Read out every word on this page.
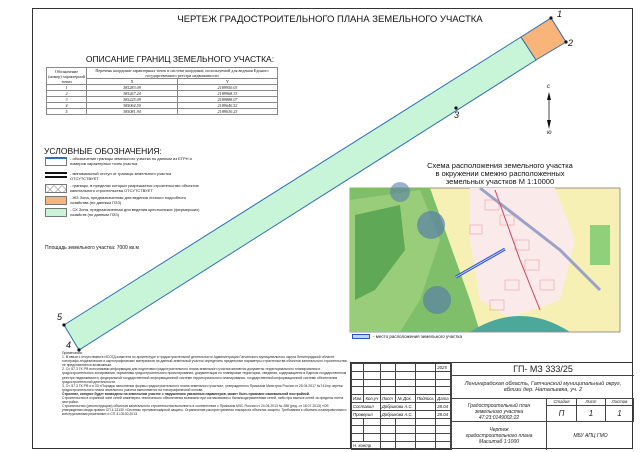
ЧЕРТЕЖ ГРАДОСТРОИТЕЛЬНОГО ПЛАНА ЗЕМЕЛЬНОГО УЧАСТКА
ОПИСАНИЕ ГРАНИЦ ЗЕМЕЛЬНОГО УЧАСТКА:
Обозначение (номер) характерной точки	Перечень координат характерных точек в системе координат, используемой для ведения Единого государственного реестра недвижимости	
	X	Y
1	385283.09	2189950.03
2	385267.24	2189968.33
3	385225.09	2189888.07
4	385064.50	2189640.52
5	385081.94	2189630.23
1
2
3
4
5
с
ю
УСЛОВНЫЕ ОБОЗНАЧЕНИЯ:
- обозначение границы земельного участка по данным из ЕГРН и номеров характерных точек участка
- минимальный отступ от границы земельного участка ОТСУТСТВУЕТ
- границы, в пределах которых разрешается строительство объектов капитального строительства ОТСУТСТВУЕТ
- ЖЗ Зона, предназначенная для ведения личного подсобного хозяйства (по данным ПЗЗ)
- СХ Зона, предназначенная для ведения крестьянских (фермерских) хозяйств (по данным ПЗЗ)
Площадь земельного участка: 7000 кв.м
Схема расположения земельного участка
в окружении смежно расположенных
земельных участков М 1:10000
- место расположения земельного участка
Примечания:
1. В связи с отсутствием в ИСОГД комитета по архитектуре и градостроительной деятельности Администрации Гатчинского муниципального округа Ленинградской области топографо-геодезических и картографических материалов на данный земельный участок определить предельные параметры строительства объектов капитального строительства не представляется возможным.
2. Ст. 57.3 ГК РФ источниками информации для подготовки градостроительного плана земельного участка являются документы территориального планирования и градостроительного зонирования, нормативы градостроительного проектирования, документация по планировке территории, сведения, содержащиеся в Едином государственном реестре недвижимости, федеральной государственной информационной системе территориального планирования, государственной информационной системе обеспечения градостроительной деятельности.
3. Ст. 57.3 ГК РФ и п.33 «Порядок заполнения формы градостроительного плана земельного участка», утвержденного Приказом Минстроя России от 25.04.2017 №741/пр чертеж градостроительного плана земельного участка выполняется на топографической основе.
Строение, которое будет возведено на земельном участке с нарушением указанных параметров, может быть признано самовольной постройкой.
Строительство в охранной зоне сетей инженерно-технического обеспечения возможно при согласовании с балансодержателями сетей, либо при выносе сетей за пределы пятна застройки.
Строительство (реконструкцию) объектов капитального строительства выполнять в соответствии с Приказом МЧС России от 24.04.2013 № 288 (ред. от 18.07.2013) «Об утверждении свода правил СП 4.13130 «Системы противопожарной защиты. Ограничение распространения пожара на объектах защиты. Требования к объемно-планировочным и конструктивным решениям» и СП 4.13130.2013.
					2025

Изм.	Кол.уч	Лист	№ Док.	Подпись	Дата
Составил		Добрикова А.С.			28.04
Проверил		Добрикова А.С.			28.04

Н. контр					
ГП- МЗ 333/25
Ленинградская область, Гатчинский муниципальный округ, вблизи дер. Натальевка, уч. 2
Градостроительный план земельного участка 47:23:0149002:22
Стадия	Лист	Листов
П	1	1
Чертеж градостроительного плана Масштаб 1:1000
МБУ АПЦ ГМО
